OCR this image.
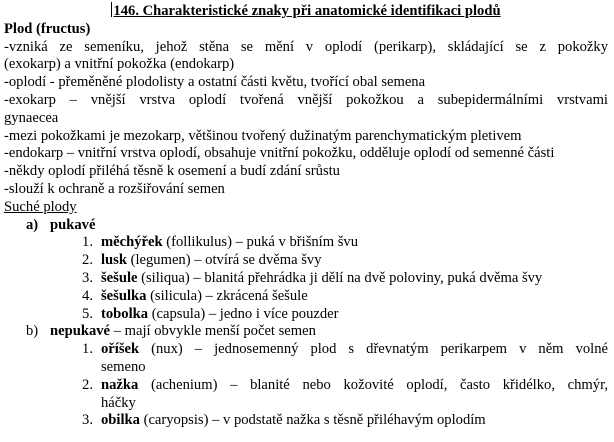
146. Charakteristické znaky při anatomické identifikaci plodů
Plod (fructus)
-vzniká ze semeníku, jehož stěna se mění v oplodí (perikarp), skládající se z pokožky
(exokarp) a vnitřní pokožka (endokarp)
-oplodí - přeměněné plodolisty a ostatní části květu, tvořící obal semena
-exokarp – vnější vrstva oplodí tvořená vnější pokožkou a subepidermálními vrstvami
gynaecea
-mezi pokožkami je mezokarp, většinou tvořený dužinatým parenchymatickým pletivem
-endokarp – vnitřní vrstva oplodí, obsahuje vnitřní pokožku, odděluje oplodí od semenné části
-někdy oplodí přiléhá těsně k osemení a budí zdání srůstu
-slouží k ochraně a rozšiřování semen
Suché plody
a) pukavé
1. měchýřek (follikulus) – puká v břišním švu
2. lusk (legumen) – otvírá se dvěma švy
3. šešule (siliqua) – blanitá přehrádka ji dělí na dvě poloviny, puká dvěma švy
4. šešulka (silicula) – zkrácená šešule
5. tobolka (capsula) – jedno i více pouzder
b) nepukavé – mají obvykle menší počet semen
1. oříšek (nux) – jednosemenný plod s dřevnatým perikarpem v něm volné
semeno
2. nažka (achenium) – blanité nebo kožovité oplodí, často křidélko, chmýr,
háčky
3. obilka (caryopsis) – v podstatě nažka s těsně přiléhavým oplodím
